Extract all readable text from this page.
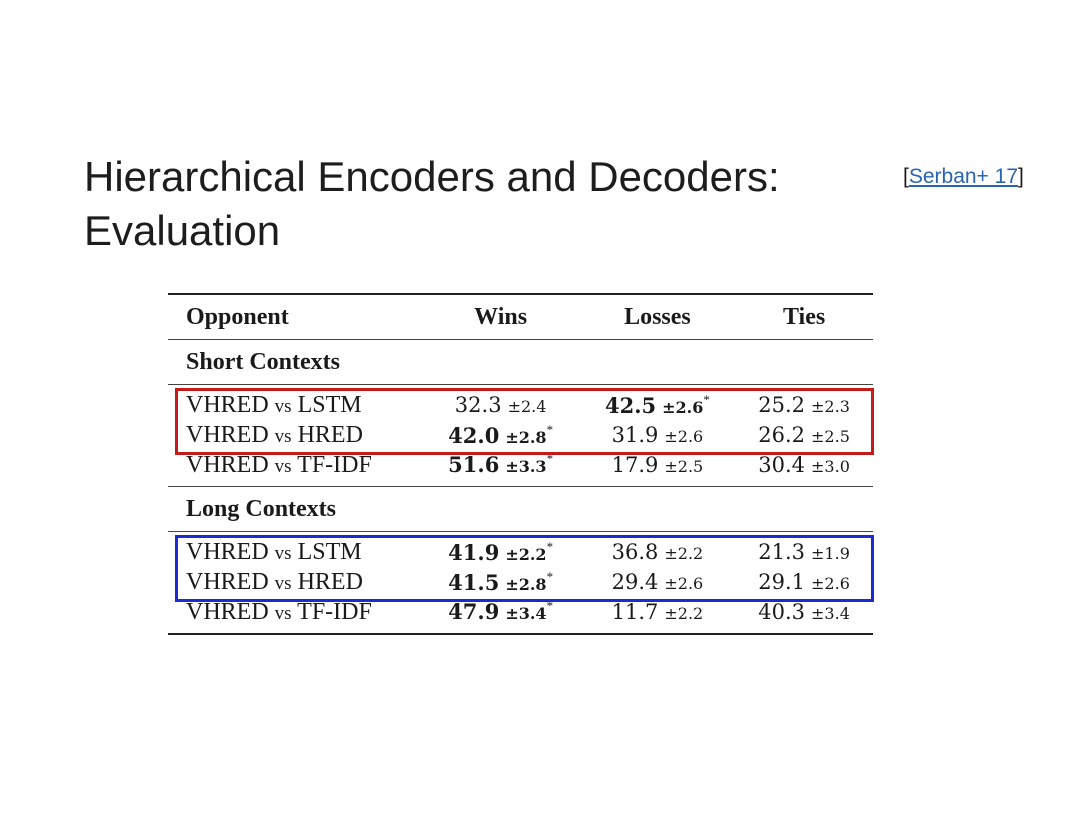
Hierarchical Encoders and Decoders:
Evaluation
[Serban+ 17]
Opponent	Wins	Losses	Ties
Short Contexts			

VHRED vs LSTM	32.3 ±2.4	42.5 ±2.6*	25.2 ±2.3
VHRED vs HRED	42.0 ±2.8*	31.9 ±2.6	26.2 ±2.5
VHRED vs TF-IDF	51.6 ±3.3*	17.9 ±2.5	30.4 ±3.0

Long Contexts			

VHRED vs LSTM	41.9 ±2.2*	36.8 ±2.2	21.3 ±1.9
VHRED vs HRED	41.5 ±2.8*	29.4 ±2.6	29.1 ±2.6
VHRED vs TF-IDF	47.9 ±3.4*	11.7 ±2.2	40.3 ±3.4
